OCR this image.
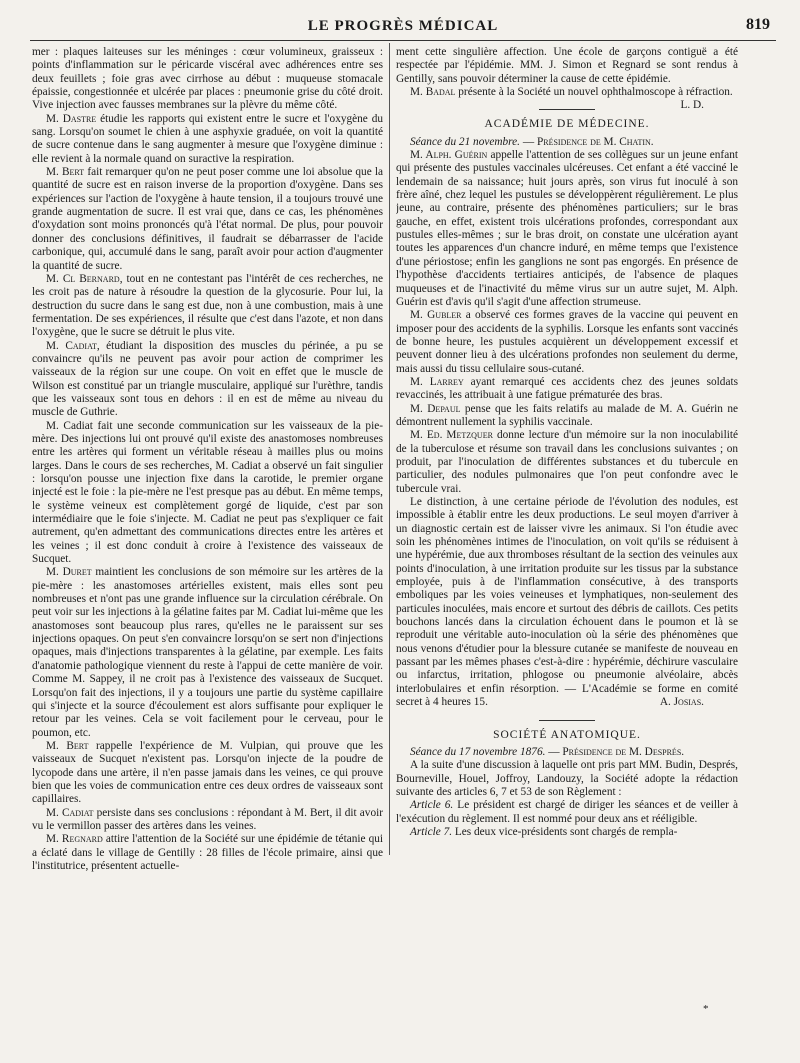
LE PROGRÈS MÉDICAL	819

mer : plaques laiteuses sur les méninges : cœur volumineux, graisseux : points d'inflammation sur le péricarde viscéral avec adhérences entre ses deux feuillets ; foie gras avec cirrhose au début : muqueuse stomacale épaissie, congestionnée et ulcérée par places : pneumonie grise du côté droit. Vive injection avec fausses membranes sur la plèvre du même côté.

M. Dastre étudie les rapports qui existent entre le sucre et l'oxygène du sang. Lorsqu'on soumet le chien à une asphyxie graduée, on voit la quantité de sucre contenue dans le sang augmenter à mesure que l'oxygène diminue : elle revient à la normale quand on suractive la respiration.

M. Bert fait remarquer qu'on ne peut poser comme une loi absolue que la quantité de sucre est en raison inverse de la proportion d'oxygène. Dans ses expériences sur l'action de l'oxygène à haute tension, il a toujours trouvé une grande augmentation de sucre. Il est vrai que, dans ce cas, les phénomènes d'oxydation sont moins prononcés qu'à l'état normal. De plus, pour pouvoir donner des conclusions définitives, il faudrait se débarrasser de l'acide carbonique, qui, accumulé dans le sang, paraît avoir pour action d'augmenter la quantité de sucre.

M. Cl Bernard, tout en ne contestant pas l'intérêt de ces recherches, ne les croit pas de nature à résoudre la question de la glycosurie. Pour lui, la destruction du sucre dans le sang est due, non à une combustion, mais à une fermentation. De ses expériences, il résulte que c'est dans l'azote, et non dans l'oxygène, que le sucre se détruit le plus vite.

M. Cadiat, étudiant la disposition des muscles du périnée, a pu se convaincre qu'ils ne peuvent pas avoir pour action de comprimer les vaisseaux de la région sur une coupe. On voit en effet que le muscle de Wilson est constitué par un triangle musculaire, appliqué sur l'urèthre, tandis que les vaisseaux sont tous en dehors : il en est de même au niveau du muscle de Guthrie.

M. Cadiat fait une seconde communication sur les vaisseaux de la pie-mère. Des injections lui ont prouvé qu'il existe des anastomoses nombreuses entre les artères qui forment un véritable réseau à mailles plus ou moins larges. Dans le cours de ses recherches, M. Cadiat a observé un fait singulier : lorsqu'on pousse une injection fixe dans la carotide, le premier organe injecté est le foie : la pie-mère ne l'est presque pas au début. En même temps, le système veineux est complètement gorgé de liquide, c'est par son intermédiaire que le foie s'injecte. M. Cadiat ne peut pas s'expliquer ce fait autrement, qu'en admettant des communications directes entre les artères et les veines ; il est donc conduit à croire à l'existence des vaisseaux de Sucquet.

M. Duret maintient les conclusions de son mémoire sur les artères de la pie-mère : les anastomoses artérielles existent, mais elles sont peu nombreuses et n'ont pas une grande influence sur la circulation cérébrale. On peut voir sur les injections à la gélatine faites par M. Cadiat lui-même que les anastomoses sont beaucoup plus rares, qu'elles ne le paraissent sur ses injections opaques. On peut s'en convaincre lorsqu'on se sert non d'injections opaques, mais d'injections transparentes à la gélatine, par exemple. Les faits d'anatomie pathologique viennent du reste à l'appui de cette manière de voir. Comme M. Sappey, il ne croit pas à l'existence des vaisseaux de Sucquet. Lorsqu'on fait des injections, il y a toujours une partie du système capillaire qui s'injecte et la source d'écoulement est alors suffisante pour expliquer le retour par les veines. Cela se voit facilement pour le cerveau, pour le poumon, etc.

M. Bert rappelle l'expérience de M. Vulpian, qui prouve que les vaisseaux de Sucquet n'existent pas. Lorsqu'on injecte de la poudre de lycopode dans une artère, il n'en passe jamais dans les veines, ce qui prouve bien que les voies de communication entre ces deux ordres de vaisseaux sont capillaires.

M. Cadiat persiste dans ses conclusions : répondant à M. Bert, il dit avoir vu le vermillon passer des artères dans les veines.

M. Regnard attire l'attention de la Société sur une épidémie de tétanie qui a éclaté dans le village de Gentilly : 28 filles de l'école primaire, ainsi que l'institutrice, présentent actuelle-

ment cette singulière affection. Une école de garçons contiguë a été respectée par l'épidémie. MM. J. Simon et Regnard se sont rendus à Gentilly, sans pouvoir déterminer la cause de cette épidémie.

M. Badal présente à la Société un nouvel ophthalmoscope à réfraction.
L. D.

ACADÉMIE DE MÉDECINE.

Séance du 21 novembre. — Présidence de M. Chatin.

M. Alph. Guérin appelle l'attention de ses collègues sur un jeune enfant qui présente des pustules vaccinales ulcéreuses. Cet enfant a été vacciné le lendemain de sa naissance; huit jours après, son virus fut inoculé à son frère aîné, chez lequel les pustules se développèrent régulièrement. Le plus jeune, au contraire, présente des phénomènes particuliers; sur le bras gauche, en effet, existent trois ulcérations profondes, correspondant aux pustules elles-mêmes ; sur le bras droit, on constate une ulcération ayant toutes les apparences d'un chancre induré, en même temps que l'existence d'une périostose; enfin les ganglions ne sont pas engorgés. En présence de l'hypothèse d'accidents tertiaires anticipés, de l'absence de plaques muqueuses et de l'inactivité du même virus sur un autre sujet, M. Alph. Guérin est d'avis qu'il s'agit d'une affection strumeuse.

M. Gubler a observé ces formes graves de la vaccine qui peuvent en imposer pour des accidents de la syphilis. Lorsque les enfants sont vaccinés de bonne heure, les pustules acquièrent un développement excessif et peuvent donner lieu à des ulcérations profondes non seulement du derme, mais aussi du tissu cellulaire sous-cutané.

M. Larrey ayant remarqué ces accidents chez des jeunes soldats revaccinés, les attribuait à une fatigue prématurée des bras.

M. Depaul pense que les faits relatifs au malade de M. A. Guérin ne démontrent nullement la syphilis vaccinale.

M. Ed. Metzquer donne lecture d'un mémoire sur la non inoculabilité de la tuberculose et résume son travail dans les conclusions suivantes ; on produit, par l'inoculation de différentes substances et du tubercule en particulier, des nodules pulmonaires que l'on peut confondre avec le tubercule vrai.

Le distinction, à une certaine période de l'évolution des nodules, est impossible à établir entre les deux productions. Le seul moyen d'arriver à un diagnostic certain est de laisser vivre les animaux. Si l'on étudie avec soin les phénomènes intimes de l'inoculation, on voit qu'ils se réduisent à une hypérémie, due aux thromboses résultant de la section des veinules aux points d'inoculation, à une irritation produite sur les tissus par la substance employée, puis à de l'inflammation consécutive, à des transports emboliques par les voies veineuses et lymphatiques, non-seulement des particules inoculées, mais encore et surtout des débris de caillots. Ces petits bouchons lancés dans la circulation échouent dans le poumon et là se reproduit une véritable auto-inoculation où la série des phénomènes que nous venons d'étudier pour la blessure cutanée se manifeste de nouveau en passant par les mêmes phases c'est-à-dire : hypérémie, déchirure vasculaire ou infarctus, irritation, phlogose ou pneumonie alvéolaire, abcès interlobulaires et enfin résorption. — L'Académie se forme en comité secret à 4 heures 15.	A. Josias.

SOCIÉTÉ ANATOMIQUE.

Séance du 17 novembre 1876. — Présidence de M. Després.

A la suite d'une discussion à laquelle ont pris part MM. Budin, Després, Bourneville, Houel, Joffroy, Landouzy, la Société adopte la rédaction suivante des articles 6, 7 et 53 de son Règlement :

Article 6. Le président est chargé de diriger les séances et de veiller à l'exécution du règlement. Il est nommé pour deux ans et rééligible.

Article 7. Les deux vice-présidents sont chargés de rempla-

*
